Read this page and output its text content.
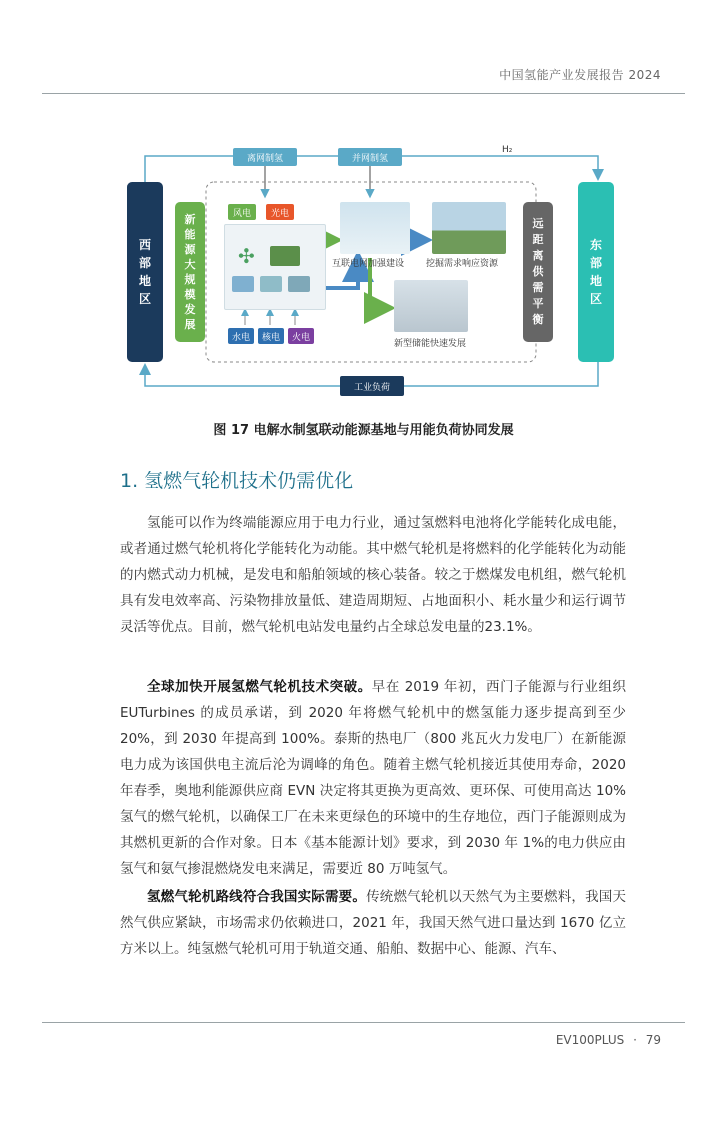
中国氢能产业发展报告 2024
离网制氢	并网制氢
H₂
西
部
地
区
新
能
源
大
规
模
发
展
远
距
离
供
需
平
衡
东
部
地
区
风电	光电
✣
水电	核电	火电
互联电网加强建设 挖掘需求响应资源
新型储能快速发展
工业负荷
图 17 电解水制氢联动能源基地与用能负荷协同发展
1. 氢燃气轮机技术仍需优化

氢能可以作为终端能源应用于电力行业，通过氢燃料电池将化学能转化成电能，或者通过燃气轮机将化学能转化为动能。其中燃气轮机是将燃料的化学能转化为动能的内燃式动力机械，是发电和船舶领域的核心装备。较之于燃煤发电机组，燃气轮机具有发电效率高、污染物排放量低、建造周期短、占地面积小、耗水量少和运行调节灵活等优点。目前，燃气轮机电站发电量约占全球总发电量的23.1%。

全球加快开展氢燃气轮机技术突破。早在 2019 年初，西门子能源与行业组织 EUTurbines 的成员承诺，到 2020 年将燃气轮机中的燃氢能力逐步提高到至少 20%，到 2030 年提高到 100%。泰斯的热电厂（800 兆瓦火力发电厂）在新能源电力成为该国供电主流后沦为调峰的角色。随着主燃气轮机接近其使用寿命，2020 年春季，奥地利能源供应商 EVN 决定将其更换为更高效、更环保、可使用高达 10%氢气的燃气轮机，以确保工厂在未来更绿色的环境中的生存地位，西门子能源则成为其燃机更新的合作对象。日本《基本能源计划》要求，到 2030 年 1%的电力供应由氢气和氨气掺混燃烧发电来满足，需要近 80 万吨氢气。

氢燃气轮机路线符合我国实际需要。传统燃气轮机以天然气为主要燃料，我国天然气供应紧缺，市场需求仍依赖进口，2021 年，我国天然气进口量达到 1670 亿立方米以上。纯氢燃气轮机可用于轨道交通、船舶、数据中心、能源、汽车、

EV100PLUS · 79
